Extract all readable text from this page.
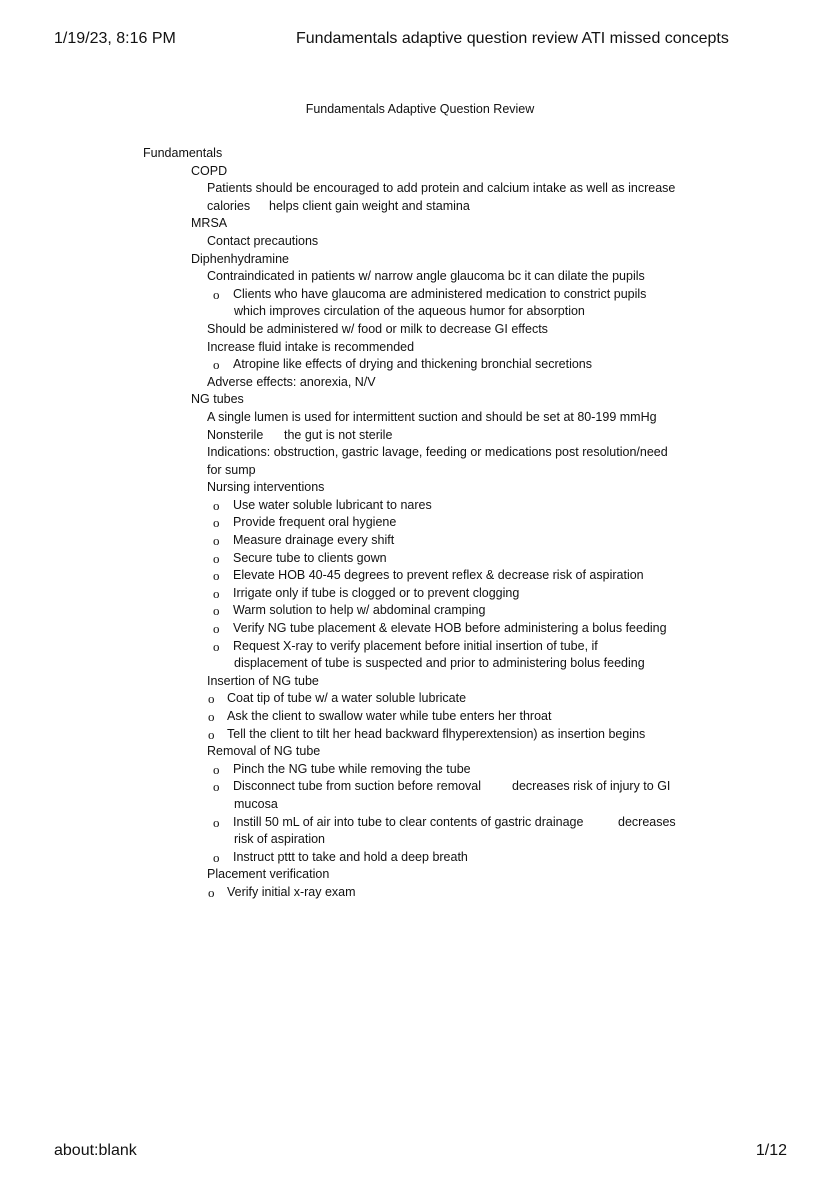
1/19/23, 8:16 PM	Fundamentals adaptive question review ATI missed concepts
Fundamentals Adaptive Question Review
Fundamentals
COPD
Patients should be encouraged to add protein and calcium intake as well as increase
calories helps client gain weight and stamina
MRSA
Contact precautions
Diphenhydramine
Contraindicated in patients w/ narrow angle glaucoma bc it can dilate the pupils
o Clients who have glaucoma are administered medication to constrict pupils
which improves circulation of the aqueous humor for absorption
Should be administered w/ food or milk to decrease GI effects
Increase fluid intake is recommended
o Atropine like effects of drying and thickening bronchial secretions
Adverse effects: anorexia, N/V
NG tubes
A single lumen is used for intermittent suction and should be set at 80-199 mmHg
Nonsterile the gut is not sterile
Indications: obstruction, gastric lavage, feeding or medications post resolution/need
for sump
Nursing interventions
o Use water soluble lubricant to nares
o Provide frequent oral hygiene
o Measure drainage every shift
o Secure tube to clients gown
o Elevate HOB 40-45 degrees to prevent reflex & decrease risk of aspiration
o Irrigate only if tube is clogged or to prevent clogging
o Warm solution to help w/ abdominal cramping
o Verify NG tube placement & elevate HOB before administering a bolus feeding
o Request X-ray to verify placement before initial insertion of tube, if
displacement of tube is suspected and prior to administering bolus feeding
Insertion of NG tube
o Coat tip of tube w/ a water soluble lubricate
o Ask the client to swallow water while tube enters her throat
o Tell the client to tilt her head backward flhyperextension) as insertion begins
Removal of NG tube
o Pinch the NG tube while removing the tube
o Disconnect tube from suction before removal decreases risk of injury to GI
mucosa
o Instill 50 mL of air into tube to clear contents of gastric drainage	decreases
risk of aspiration
o Instruct pttt to take and hold a deep breath
Placement verification
o Verify initial x-ray exam
about:blank	1/12
